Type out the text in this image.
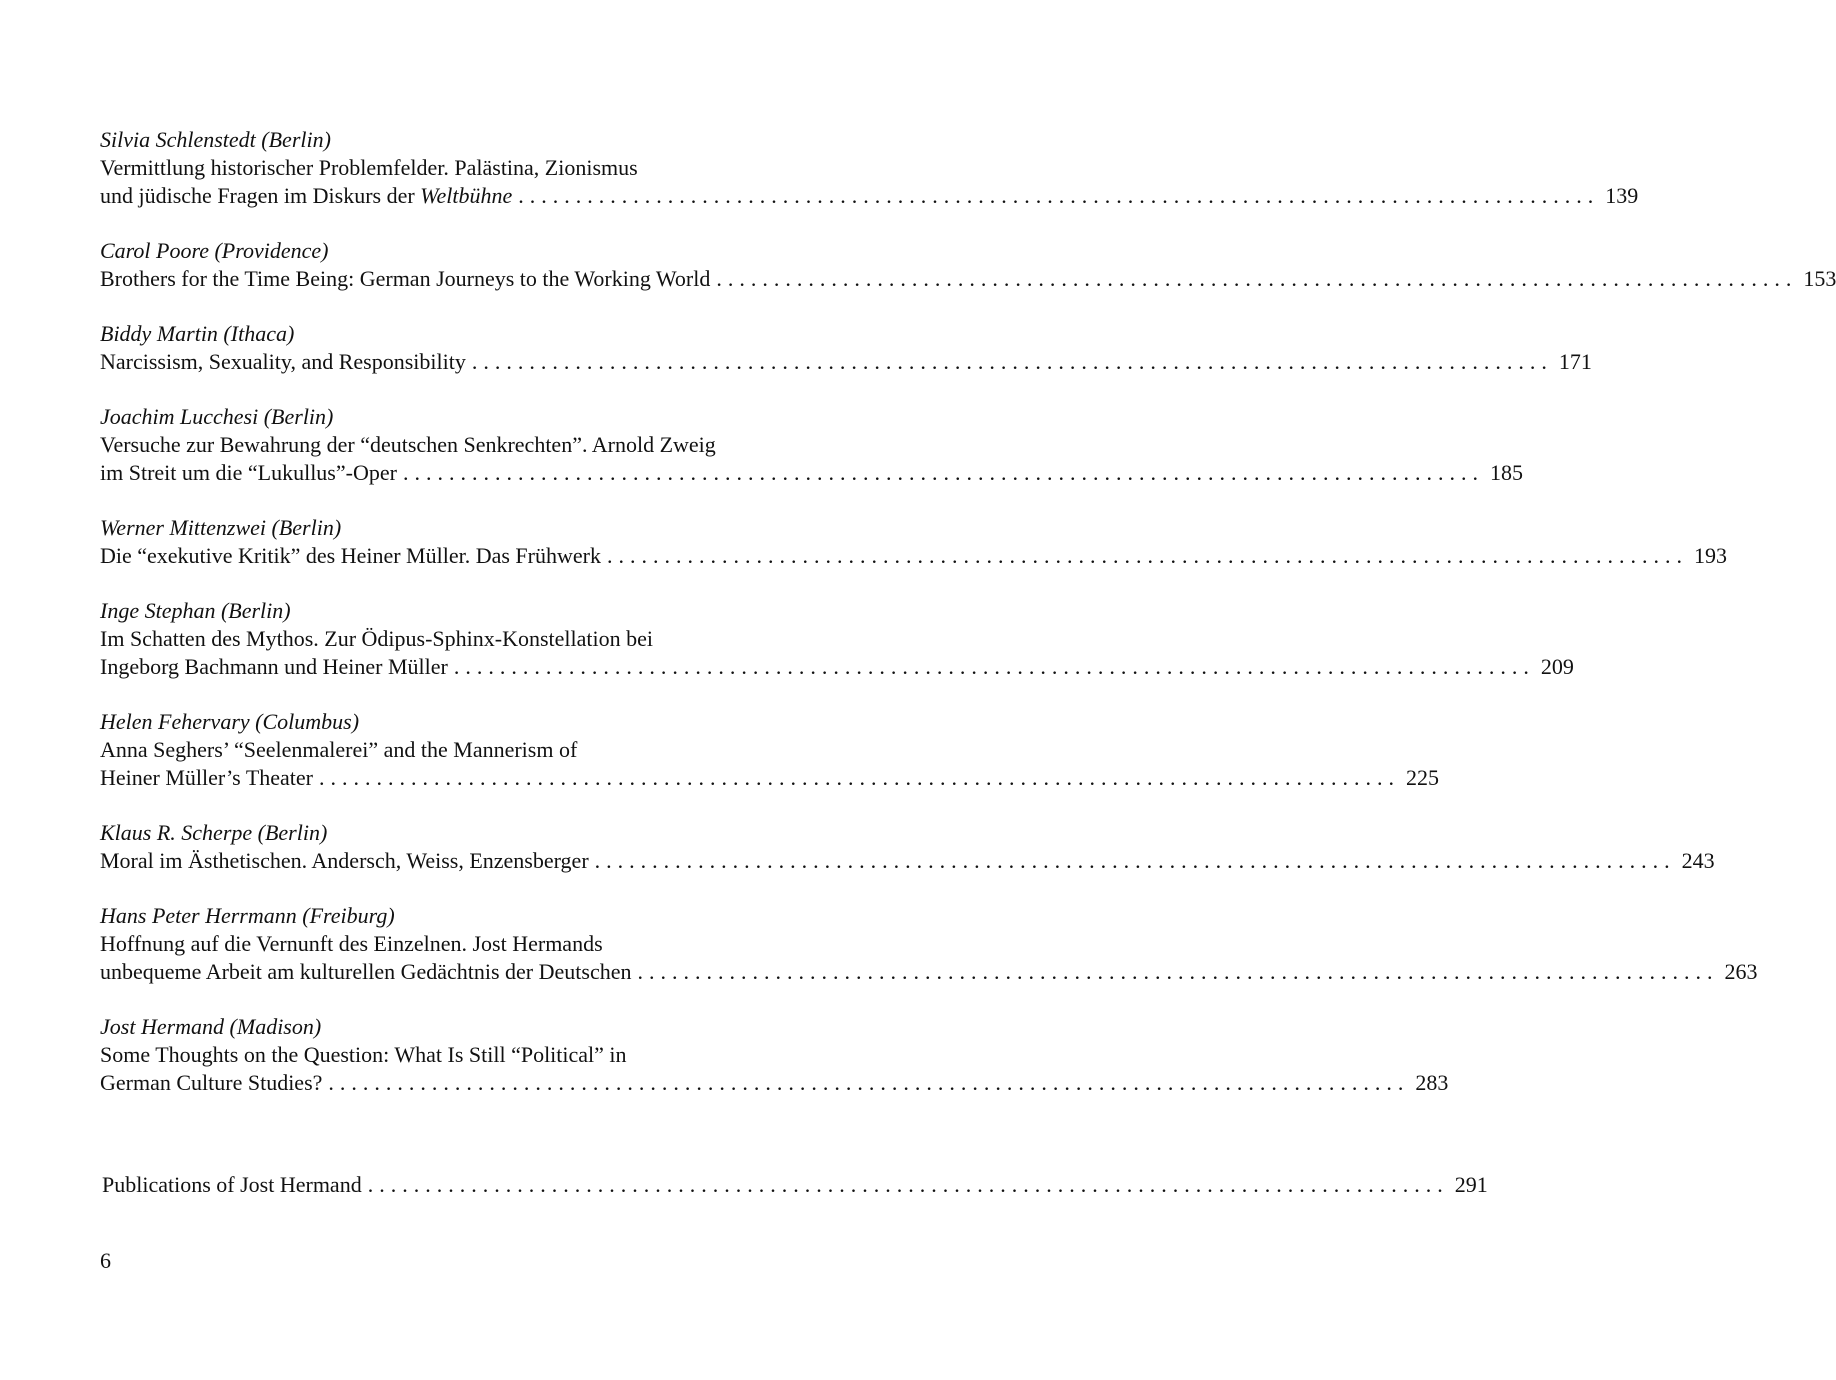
Silvia Schlenstedt (Berlin)
Vermittlung historischer Problemfelder. Palästina, Zionismus
und jüdische Fragen im Diskurs der Weltbühne .............................................................................................. 139
Carol Poore (Providence)
Brothers for the Time Being: German Journeys to the Working World .............................................................................................. 153
Biddy Martin (Ithaca)
Narcissism, Sexuality, and Responsibility .............................................................................................. 171
Joachim Lucchesi (Berlin)
Versuche zur Bewahrung der “deutschen Senkrechten”. Arnold Zweig
im Streit um die “Lukullus”-Oper .............................................................................................. 185
Werner Mittenzwei (Berlin)
Die “exekutive Kritik” des Heiner Müller. Das Frühwerk .............................................................................................. 193
Inge Stephan (Berlin)
Im Schatten des Mythos. Zur Ödipus-Sphinx-Konstellation bei
Ingeborg Bachmann und Heiner Müller .............................................................................................. 209
Helen Fehervary (Columbus)
Anna Seghers’ “Seelenmalerei” and the Mannerism of
Heiner Müller’s Theater .............................................................................................. 225
Klaus R. Scherpe (Berlin)
Moral im Ästhetischen. Andersch, Weiss, Enzensberger .............................................................................................. 243
Hans Peter Herrmann (Freiburg)
Hoffnung auf die Vernunft des Einzelnen. Jost Hermands
unbequeme Arbeit am kulturellen Gedächtnis der Deutschen .............................................................................................. 263
Jost Hermand (Madison)
Some Thoughts on the Question: What Is Still “Political” in
German Culture Studies? .............................................................................................. 283
Publications of Jost Hermand .............................................................................................. 291
6
